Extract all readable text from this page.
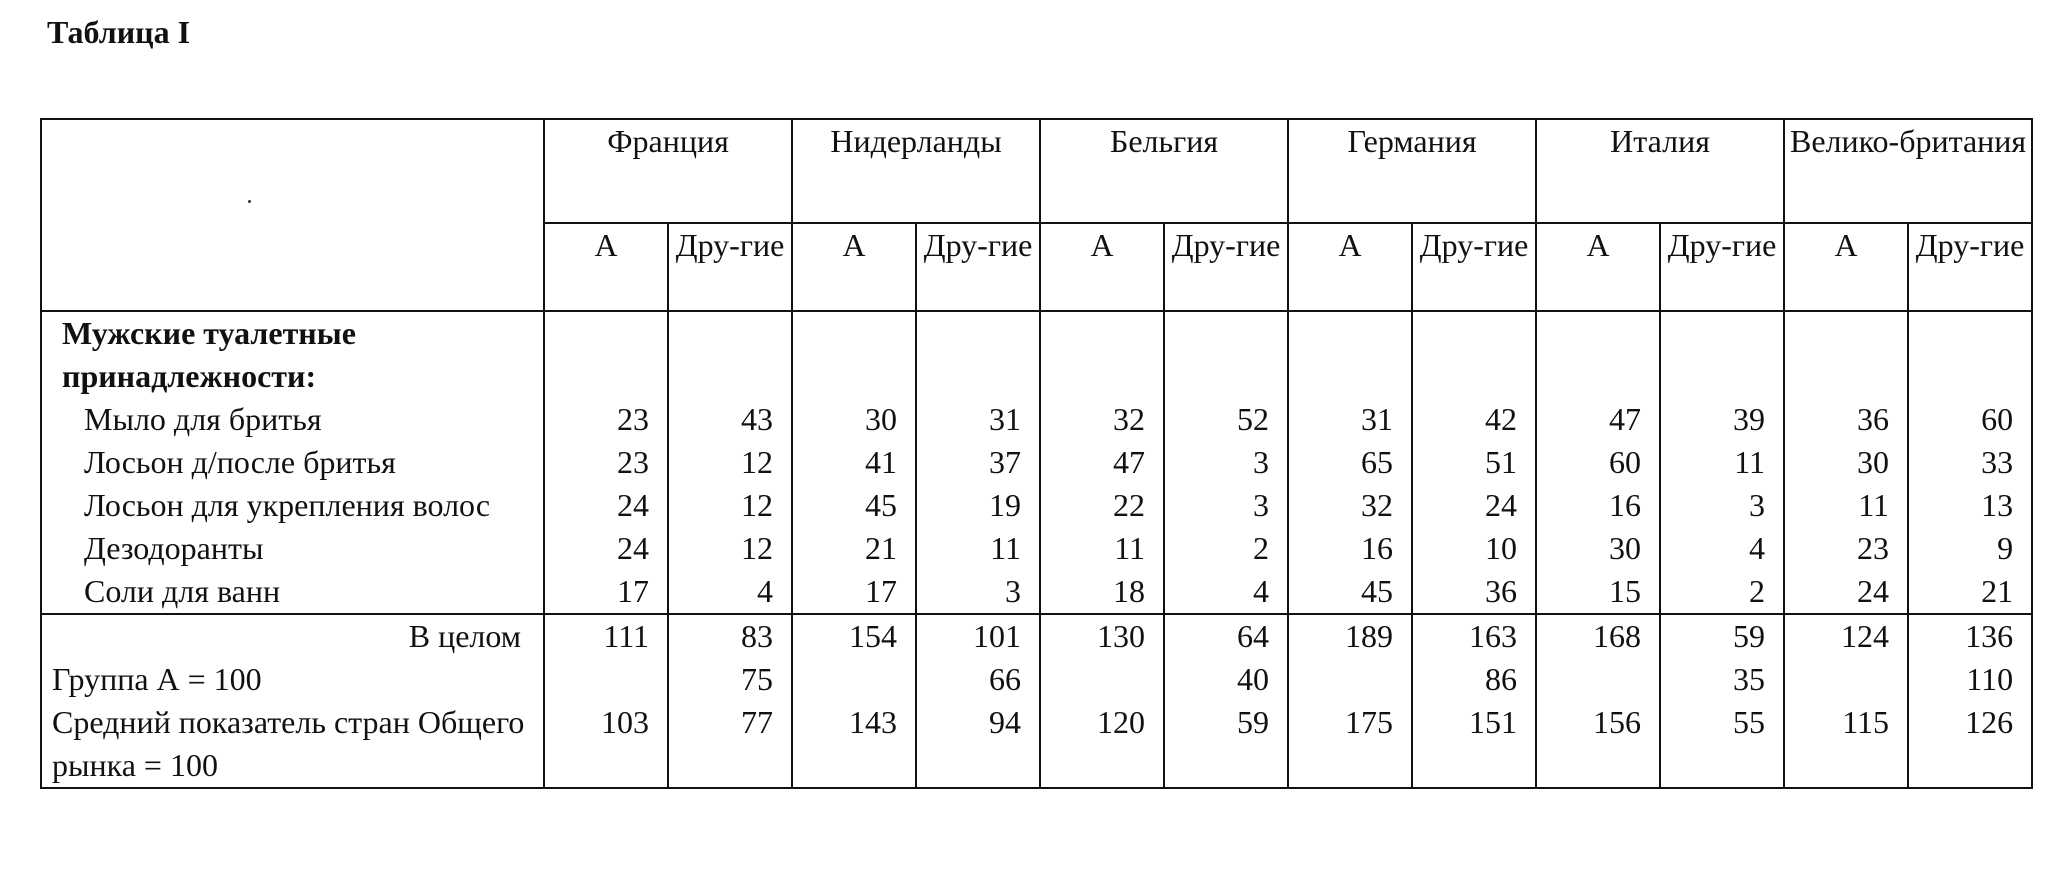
Таблица I
	Франция		Нидерланды		Бельгия		Германия		Италия		Велико-британия	
	А	Дру-гие	А	Дру-гие	А	Дру-гие	А	Дру-гие	А	Дру-гие	А	Дру-гие
Мужские туалетные принадлежности:												
Мыло для бритья	23	43	30	31	32	52	31	42	47	39	36	60
Лосьон д/после бритья	23	12	41	37	47	3	65	51	60	11	30	33
Лосьон для укрепления волос	24	12	45	19	22	3	32	24	16	3	11	13
Дезодоранты	24	12	21	11	11	2	16	10	30	4	23	9
Соли для ванн	17	4	17	3	18	4	45	36	15	2	24	21
В целом	111	83	154	101	130	64	189	163	168	59	124	136
Группа А = 100		75		66		40		86		35		110
Средний показатель стран Общего рынка = 100	103	77	143	94	120	59	175	151	156	55	115	126
